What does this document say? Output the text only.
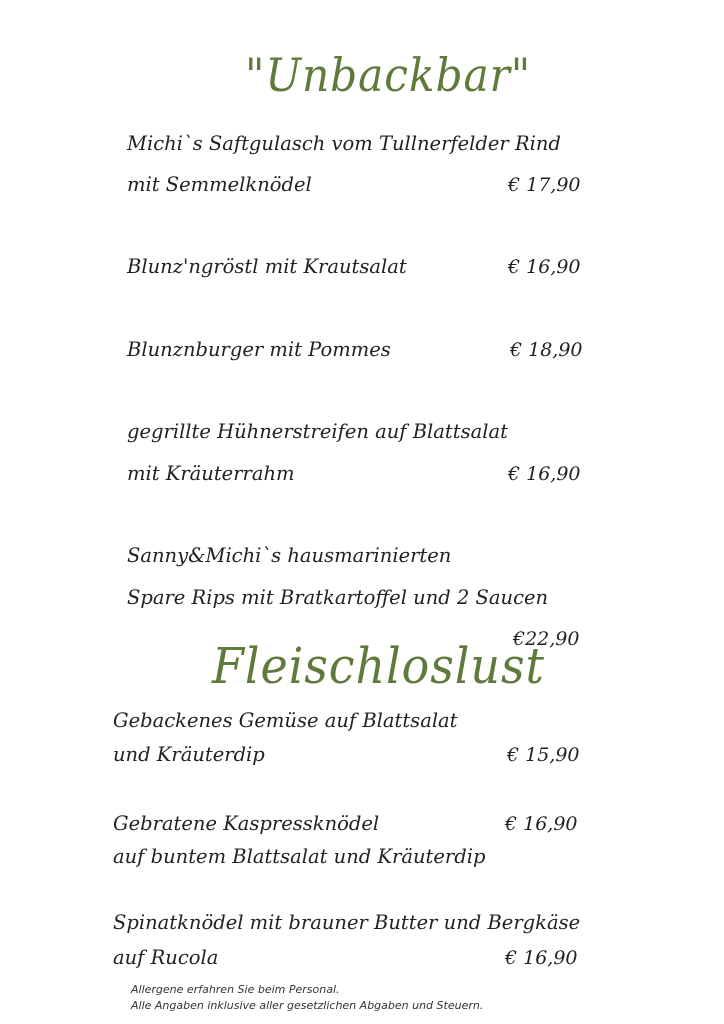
"Unbackbar"
Michi`s Saftgulasch vom Tullnerfelder Rind
mit Semmelknödel	€ 17,90
Blunz'ngröstl mit Krautsalat	€ 16,90
Blunznburger mit Pommes	€ 18,90
gegrillte Hühnerstreifen auf Blattsalat
mit Kräuterrahm	€ 16,90
Sanny&Michi`s hausmarinierten
Spare Rips mit Bratkartoffel und 2 Saucen
€22,90
Fleischloslust
Gebackenes Gemüse auf Blattsalat
und Kräuterdip	€ 15,90
Gebratene Kaspressknödel	€ 16,90
auf buntem Blattsalat und Kräuterdip
Spinatknödel mit brauner Butter und Bergkäse
auf Rucola	€ 16,90
Allergene erfahren Sie beim Personal.
Alle Angaben inklusive aller gesetzlichen Abgaben und Steuern.
